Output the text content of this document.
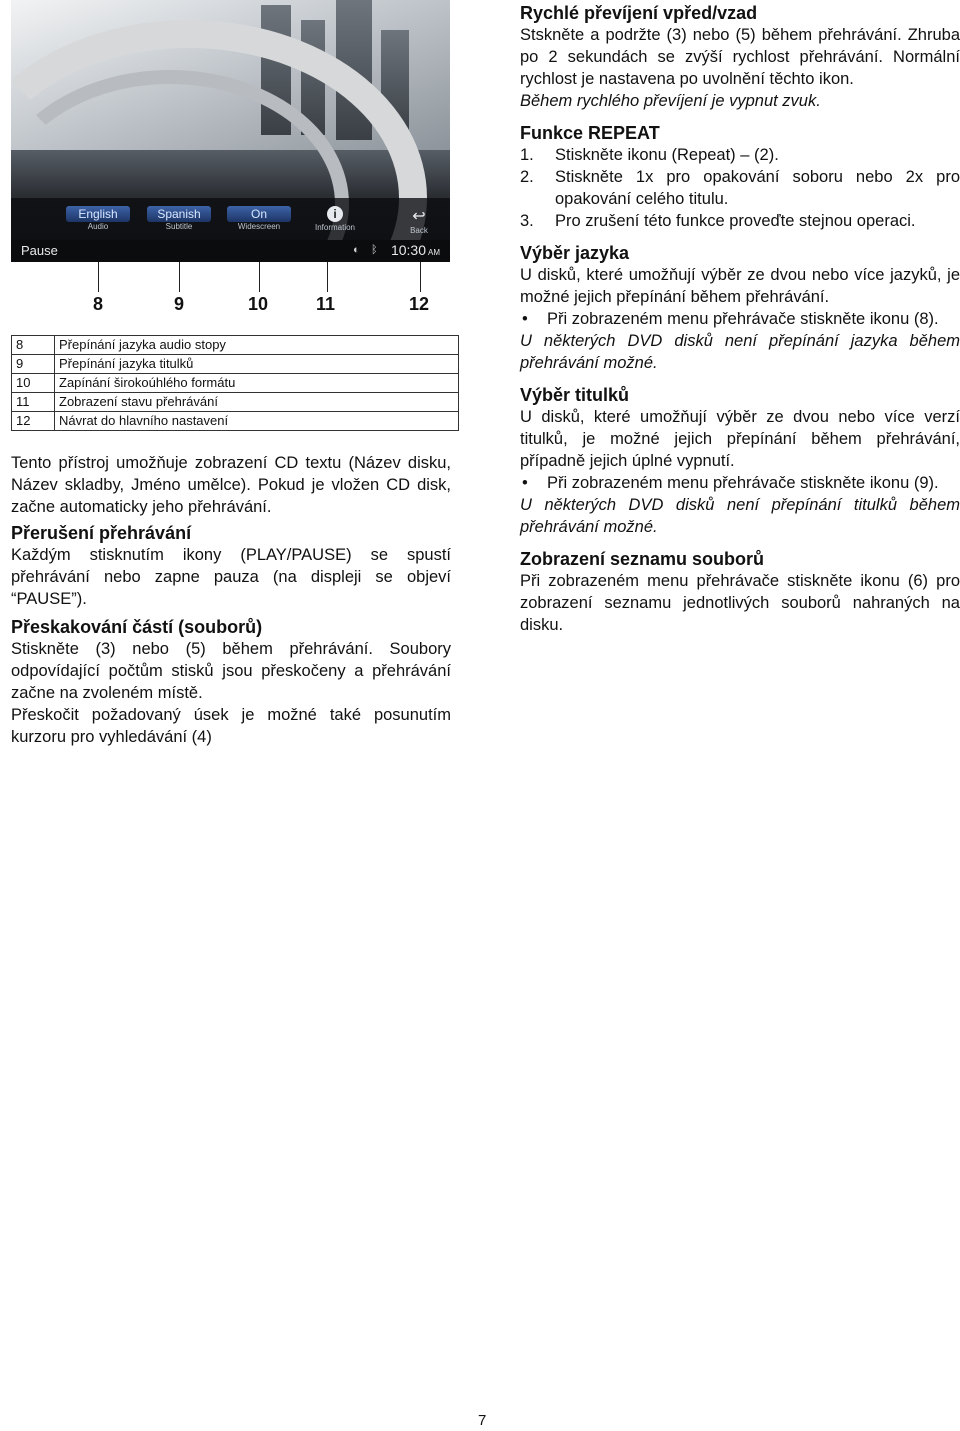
English
Audio
Spanish
Subtitle
On
Widescreen
i
Information
↩
Back
Pause	◐ ᛒ 10:30 AM
8	9	10	11	12
8	Přepínání jazyka audio stopy
9	Přepínání jazyka titulků
10	Zapínání širokoúhlého formátu
11	Zobrazení stavu přehrávání
12	Návrat do hlavního nastavení

Tento přístroj umožňuje zobrazení CD textu (Název disku, Název skladby, Jméno umělce). Pokud je vložen CD disk, začne automaticky jeho přehrávání.

Přerušení přehrávání

Každým stisknutím ikony (PLAY/PAUSE) se spustí přehrávání nebo zapne pauza (na displeji se objeví “PAUSE”).

Přeskakování částí (souborů)

Stiskněte (3) nebo (5) během přehrávání. Soubory odpovídající počtům stisků jsou přeskočeny a přehrávání začne na zvoleném místě.

Přeskočit požadovaný úsek je možné také posunutím kurzoru pro vyhledávání (4)

Rychlé převíjení vpřed/vzad

Stskněte a podržte (3) nebo (5) během přehrávání. Zhruba po 2 sekundách se zvýší rychlost přehrávání. Normální rychlost je nastavena po uvolnění těchto ikon.

Během rychlého převíjení je vypnut zvuk.

Funkce REPEAT
1. Stiskněte ikonu (Repeat) – (2).
2. Stiskněte 1x pro opakování soboru nebo 2x pro opakování celého titulu.
3. Pro zrušení této funkce proveďte stejnou operaci.
Výběr jazyka

U disků, které umožňují výběr ze dvou nebo více jazyků, je možné jejich přepínání během přehrávání.

• Při zobrazeném menu přehrávače stiskněte ikonu (8).

U některých DVD disků není přepínání jazyka během přehrávání možné.

Výběr titulků

U disků, které umožňují výběr ze dvou nebo více verzí titulků, je možné jejich přepínání během přehrávání, případně jejich úplné vypnutí.

• Při zobrazeném menu přehrávače stiskněte ikonu (9).

U některých DVD disků není přepínání titulků během přehrávání možné.

Zobrazení seznamu souborů

Při zobrazeném menu přehrávače stiskněte ikonu (6) pro zobrazení seznamu jednotlivých souborů nahraných na disku.

7
